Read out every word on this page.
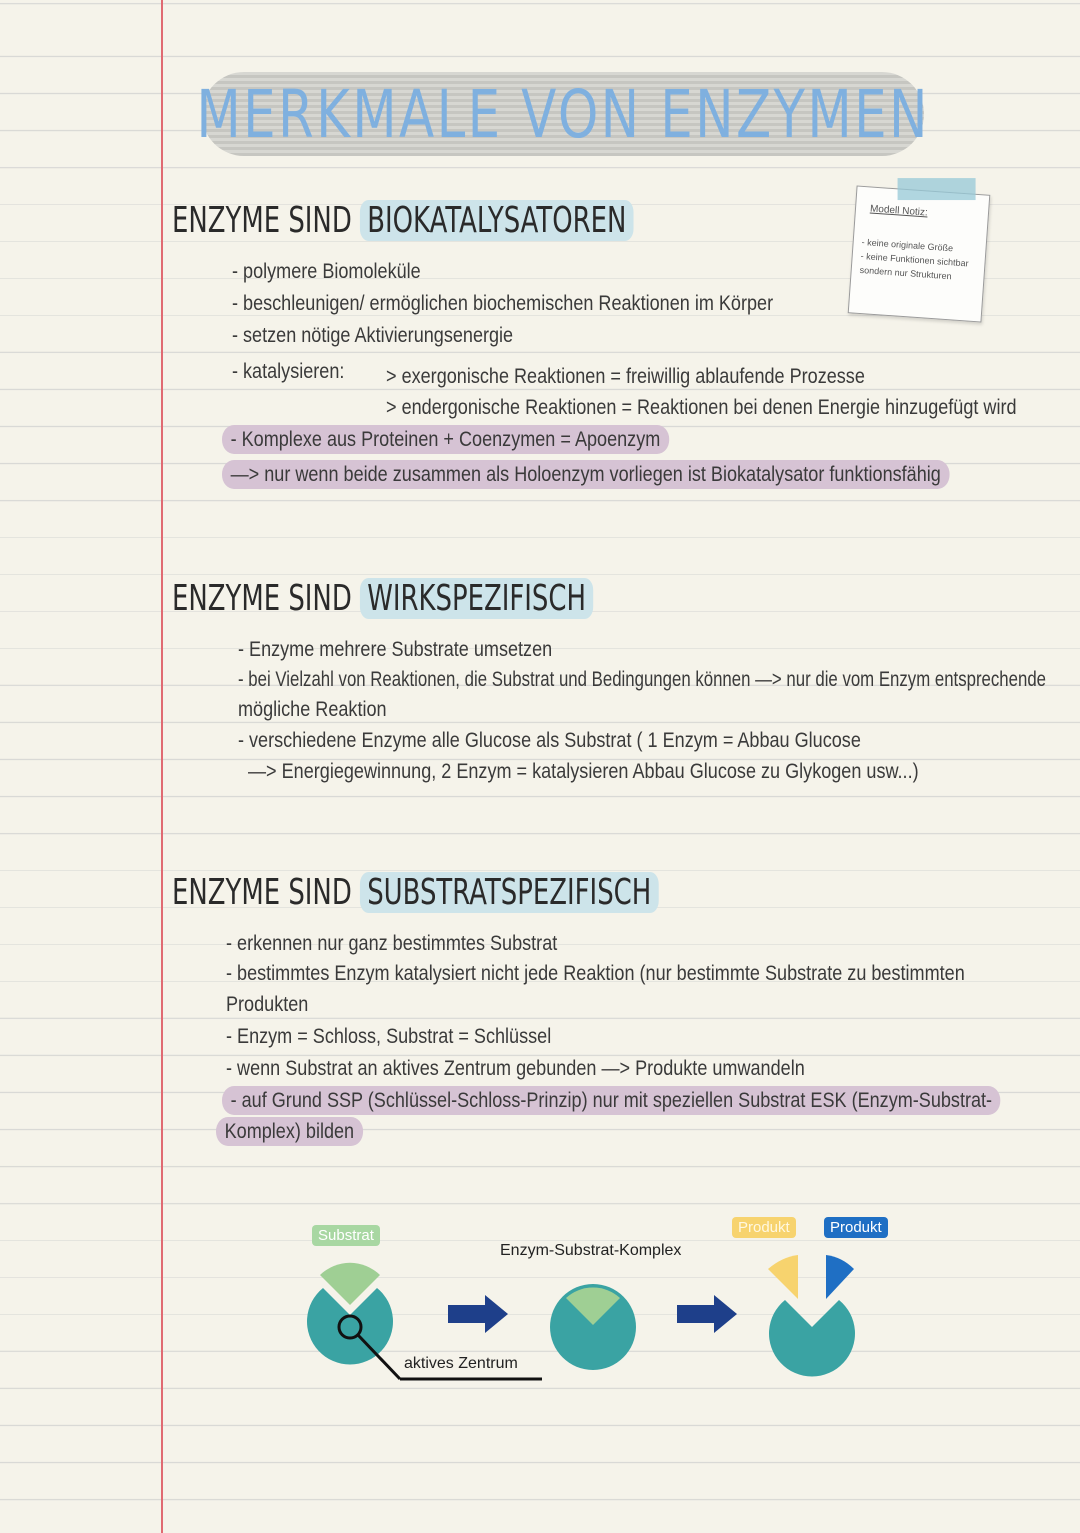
MERKMALE VON ENZYMEN
Modell Notiz:
- keine originale Größe
- keine Funktionen sichtbar
sondern nur Strukturen
ENZYME SIND BIOKATALYSATOREN
- polymere Biomoleküle
- beschleunigen/ ermöglichen biochemischen Reaktionen im Körper
- setzen nötige Aktivierungsenergie
- katalysieren: > exergonische Reaktionen = freiwillig ablaufende Prozesse
> endergonische Reaktionen = Reaktionen bei denen Energie hinzugefügt wird
- Komplexe aus Proteinen + Coenzymen = Apoenzym
—> nur wenn beide zusammen als Holoenzym vorliegen ist Biokatalysator funktionsfähig
ENZYME SIND WIRKSPEZIFISCH
- Enzyme mehrere Substrate umsetzen
- bei Vielzahl von Reaktionen, die Substrat und Bedingungen können —> nur die vom Enzym entsprechende
mögliche Reaktion
- verschiedene Enzyme alle Glucose als Substrat ( 1 Enzym = Abbau Glucose
—> Energiegewinnung, 2 Enzym = katalysieren Abbau Glucose zu Glykogen usw...)
ENZYME SIND SUBSTRATSPEZIFISCH
- erkennen nur ganz bestimmtes Substrat
- bestimmtes Enzym katalysiert nicht jede Reaktion (nur bestimmte Substrate zu bestimmten
Produkten
- Enzym = Schloss, Substrat = Schlüssel
- wenn Substrat an aktives Zentrum gebunden —> Produkte umwandeln
- auf Grund SSP (Schlüssel-Schloss-Prinzip) nur mit speziellen Substrat ESK (Enzym-Substrat-
Komplex) bilden
Substrat
Enzym-Substrat-Komplex
Produkt	Produkt
aktives Zentrum
